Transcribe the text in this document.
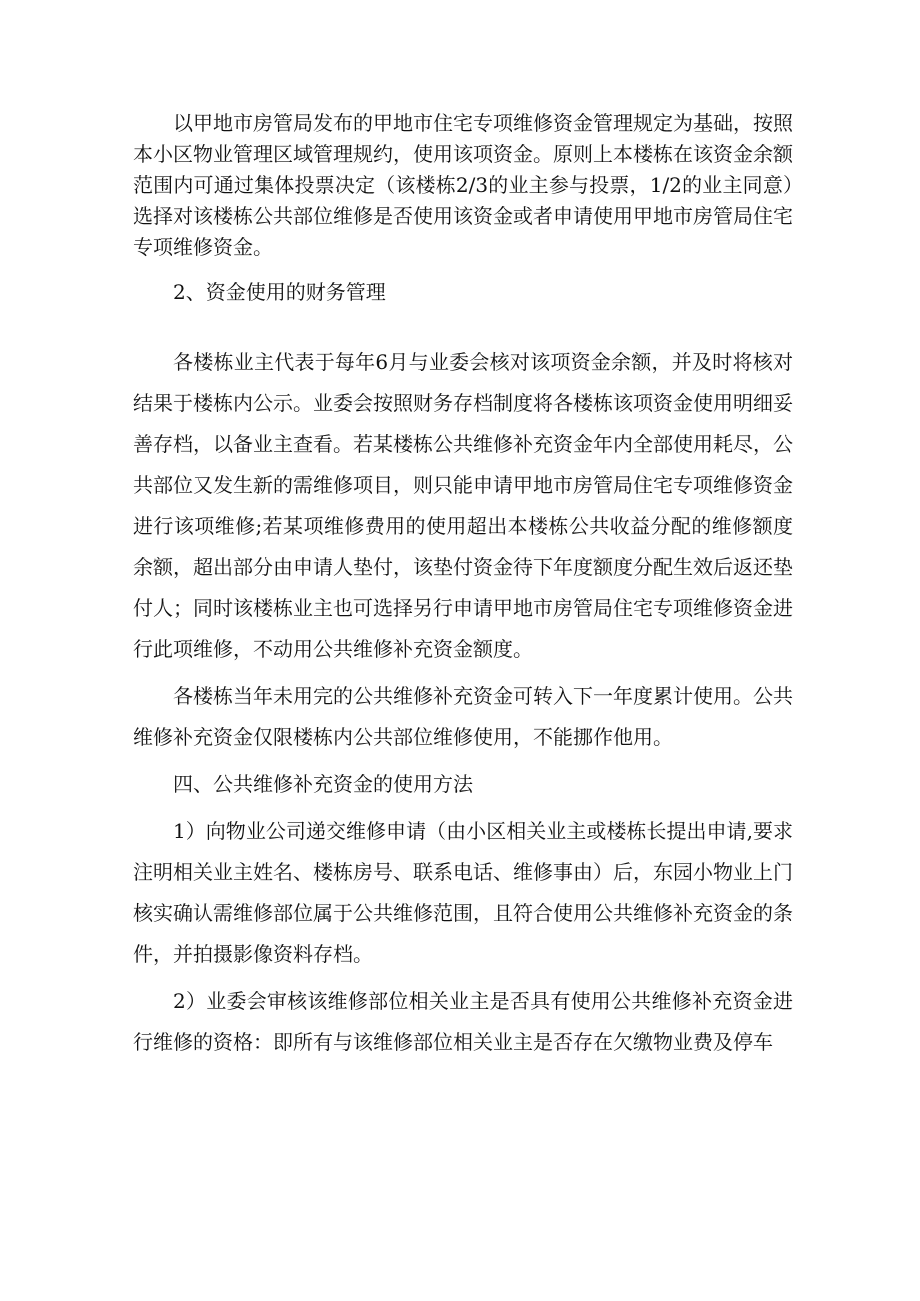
以甲地市房管局发布的甲地市住宅专项维修资金管理规定为基础，按照本小区物业管理区域管理规约，使用该项资金。原则上本楼栋在该资金余额范围内可通过集体投票决定（该楼栋2/3的业主参与投票，1/2的业主同意）选择对该楼栋公共部位维修是否使用该资金或者申请使用甲地市房管局住宅专项维修资金。

2、资金使用的财务管理

各楼栋业主代表于每年6月与业委会核对该项资金余额，并及时将核对结果于楼栋内公示。业委会按照财务存档制度将各楼栋该项资金使用明细妥善存档，以备业主查看。若某楼栋公共维修补充资金年内全部使用耗尽，公共部位又发生新的需维修项目，则只能申请甲地市房管局住宅专项维修资金进行该项维修;若某项维修费用的使用超出本楼栋公共收益分配的维修额度余额，超出部分由申请人垫付，该垫付资金待下年度额度分配生效后返还垫付人；同时该楼栋业主也可选择另行申请甲地市房管局住宅专项维修资金进行此项维修，不动用公共维修补充资金额度。

各楼栋当年未用完的公共维修补充资金可转入下一年度累计使用。公共维修补充资金仅限楼栋内公共部位维修使用，不能挪作他用。

四、公共维修补充资金的使用方法

1）向物业公司递交维修申请（由小区相关业主或楼栋长提出申请,要求注明相关业主姓名、楼栋房号、联系电话、维修事由）后，东园小物业上门核实确认需维修部位属于公共维修范围，且符合使用公共维修补充资金的条件，并拍摄影像资料存档。

2）业委会审核该维修部位相关业主是否具有使用公共维修补充资金进行维修的资格：即所有与该维修部位相关业主是否存在欠缴物业费及停车
